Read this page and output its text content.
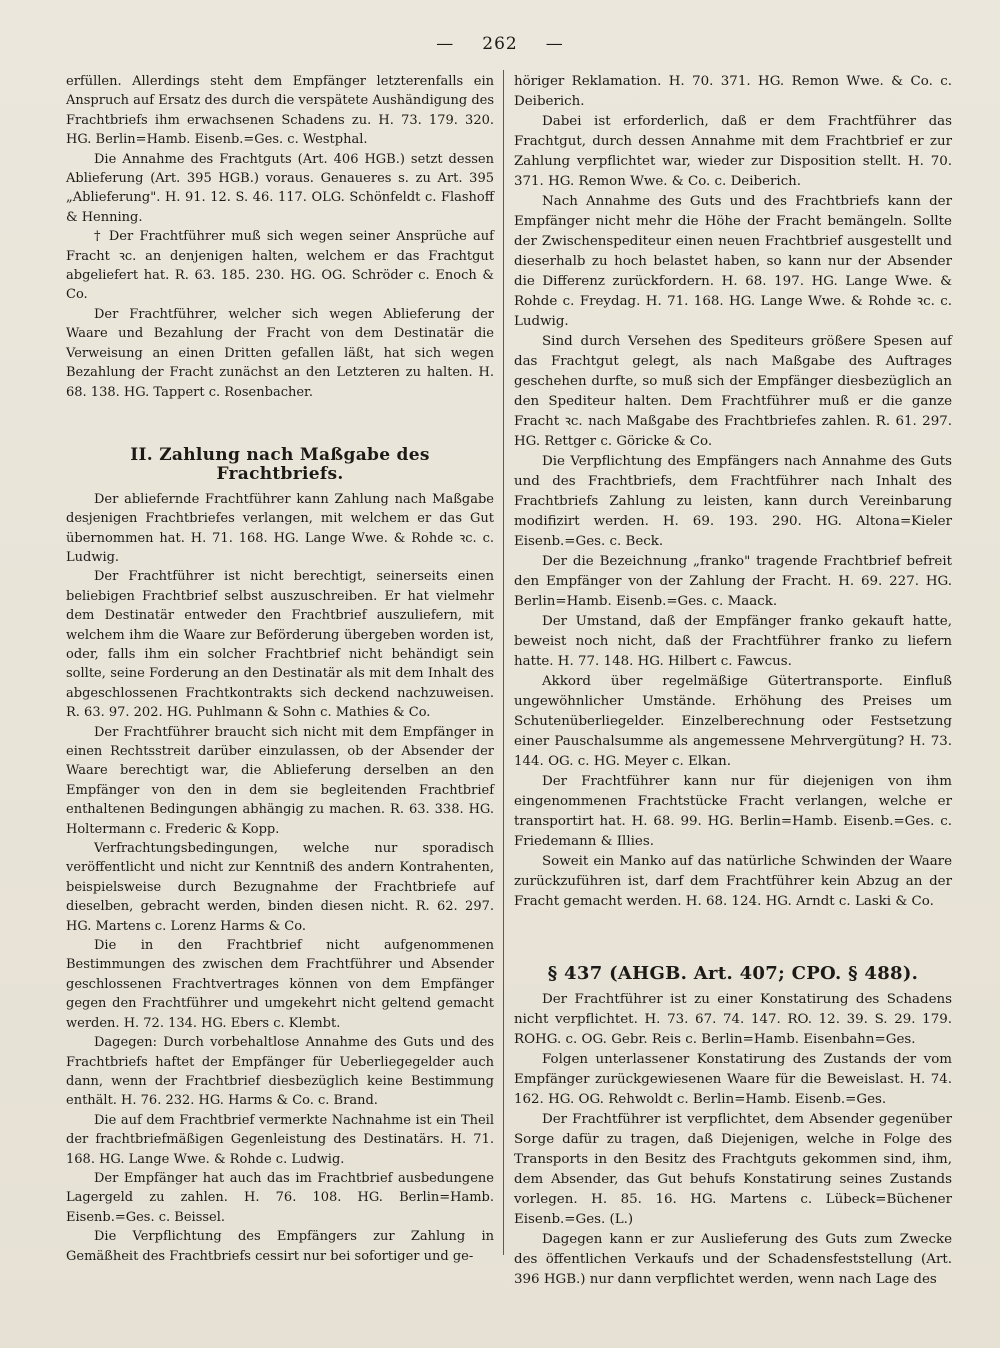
— 262 —

erfüllen. Allerdings steht dem Empfänger letzterenfalls ein Anspruch auf Ersatz des durch die verspätete Aushändigung des Frachtbriefs ihm erwachsenen Schadens zu. H. 73. 179. 320. HG. Berlin=Hamb. Eisenb.=Ges. c. Westphal.

Die Annahme des Frachtguts (Art. 406 HGB.) setzt dessen Ablieferung (Art. 395 HGB.) voraus. Genaueres s. zu Art. 395 „Ablieferung". H. 91. 12. S. 46. 117. OLG. Schönfeldt c. Flashoff & Henning.

† Der Frachtführer muß sich wegen seiner Ansprüche auf Fracht ꝛc. an denjenigen halten, welchem er das Frachtgut abgeliefert hat. R. 63. 185. 230. HG. OG. Schröder c. Enoch & Co.

Der Frachtführer, welcher sich wegen Ablieferung der Waare und Bezahlung der Fracht von dem Destinatär die Verweisung an einen Dritten gefallen läßt, hat sich wegen Bezahlung der Fracht zunächst an den Letzteren zu halten. H. 68. 138. HG. Tappert c. Rosenbacher.

II. Zahlung nach Maßgabe des Frachtbriefs.

Der abliefernde Frachtführer kann Zahlung nach Maßgabe desjenigen Frachtbriefes verlangen, mit welchem er das Gut übernommen hat. H. 71. 168. HG. Lange Wwe. & Rohde ꝛc. c. Ludwig.

Der Frachtführer ist nicht berechtigt, seinerseits einen beliebigen Frachtbrief selbst auszuschreiben. Er hat vielmehr dem Destinatär entweder den Frachtbrief auszuliefern, mit welchem ihm die Waare zur Beförderung übergeben worden ist, oder, falls ihm ein solcher Frachtbrief nicht behändigt sein sollte, seine Forderung an den Destinatär als mit dem Inhalt des abgeschlossenen Frachtkontrakts sich deckend nachzuweisen. R. 63. 97. 202. HG. Puhlmann & Sohn c. Mathies & Co.

Der Frachtführer braucht sich nicht mit dem Empfänger in einen Rechtsstreit darüber einzulassen, ob der Absender der Waare berechtigt war, die Ablieferung derselben an den Empfänger von den in dem sie begleitenden Frachtbrief enthaltenen Bedingungen abhängig zu machen. R. 63. 338. HG. Holtermann c. Frederic & Kopp.

Verfrachtungsbedingungen, welche nur sporadisch veröffentlicht und nicht zur Kenntniß des andern Kontrahenten, beispielsweise durch Bezugnahme der Frachtbriefe auf dieselben, gebracht werden, binden diesen nicht. R. 62. 297. HG. Martens c. Lorenz Harms & Co.

Die in den Frachtbrief nicht aufgenommenen Bestimmungen des zwischen dem Frachtführer und Absender geschlossenen Frachtvertrages können von dem Empfänger gegen den Frachtführer und umgekehrt nicht geltend gemacht werden. H. 72. 134. HG. Ebers c. Klembt.

Dagegen: Durch vorbehaltlose Annahme des Guts und des Frachtbriefs haftet der Empfänger für Ueberliegegelder auch dann, wenn der Frachtbrief diesbezüglich keine Bestimmung enthält. H. 76. 232. HG. Harms & Co. c. Brand.

Die auf dem Frachtbrief vermerkte Nachnahme ist ein Theil der frachtbriefmäßigen Gegenleistung des Destinatärs. H. 71. 168. HG. Lange Wwe. & Rohde c. Ludwig.

Der Empfänger hat auch das im Frachtbrief ausbedungene Lagergeld zu zahlen. H. 76. 108. HG. Berlin=Hamb. Eisenb.=Ges. c. Beissel.

Die Verpflichtung des Empfängers zur Zahlung in Gemäßheit des Frachtbriefs cessirt nur bei sofortiger und ge-

höriger Reklamation. H. 70. 371. HG. Remon Wwe. & Co. c. Deiberich.

Dabei ist erforderlich, daß er dem Frachtführer das Frachtgut, durch dessen Annahme mit dem Frachtbrief er zur Zahlung verpflichtet war, wieder zur Disposition stellt. H. 70. 371. HG. Remon Wwe. & Co. c. Deiberich.

Nach Annahme des Guts und des Frachtbriefs kann der Empfänger nicht mehr die Höhe der Fracht bemängeln. Sollte der Zwischenspediteur einen neuen Frachtbrief ausgestellt und dieserhalb zu hoch belastet haben, so kann nur der Absender die Differenz zurückfordern. H. 68. 197. HG. Lange Wwe. & Rohde c. Freydag. H. 71. 168. HG. Lange Wwe. & Rohde ꝛc. c. Ludwig.

Sind durch Versehen des Spediteurs größere Spesen auf das Frachtgut gelegt, als nach Maßgabe des Auftrages geschehen durfte, so muß sich der Empfänger diesbezüglich an den Spediteur halten. Dem Frachtführer muß er die ganze Fracht ꝛc. nach Maßgabe des Frachtbriefes zahlen. R. 61. 297. HG. Rettger c. Göricke & Co.

Die Verpflichtung des Empfängers nach Annahme des Guts und des Frachtbriefs, dem Frachtführer nach Inhalt des Frachtbriefs Zahlung zu leisten, kann durch Vereinbarung modifizirt werden. H. 69. 193. 290. HG. Altona=Kieler Eisenb.=Ges. c. Beck.

Der die Bezeichnung „franko" tragende Frachtbrief befreit den Empfänger von der Zahlung der Fracht. H. 69. 227. HG. Berlin=Hamb. Eisenb.=Ges. c. Maack.

Der Umstand, daß der Empfänger franko gekauft hatte, beweist noch nicht, daß der Frachtführer franko zu liefern hatte. H. 77. 148. HG. Hilbert c. Fawcus.

Akkord über regelmäßige Gütertransporte. Einfluß ungewöhnlicher Umstände. Erhöhung des Preises um Schutenüberliegelder. Einzelberechnung oder Festsetzung einer Pauschalsumme als angemessene Mehrvergütung? H. 73. 144. OG. c. HG. Meyer c. Elkan.

Der Frachtführer kann nur für diejenigen von ihm eingenommenen Frachtstücke Fracht verlangen, welche er transportirt hat. H. 68. 99. HG. Berlin=Hamb. Eisenb.=Ges. c. Friedemann & Illies.

Soweit ein Manko auf das natürliche Schwinden der Waare zurückzuführen ist, darf dem Frachtführer kein Abzug an der Fracht gemacht werden. H. 68. 124. HG. Arndt c. Laski & Co.

§ 437 (AHGB. Art. 407; CPO. § 488).

Der Frachtführer ist zu einer Konstatirung des Schadens nicht verpflichtet. H. 73. 67. 74. 147. RO. 12. 39. S. 29. 179. ROHG. c. OG. Gebr. Reis c. Berlin=Hamb. Eisenbahn=Ges.

Folgen unterlassener Konstatirung des Zustands der vom Empfänger zurückgewiesenen Waare für die Beweislast. H. 74. 162. HG. OG. Rehwoldt c. Berlin=Hamb. Eisenb.=Ges.

Der Frachtführer ist verpflichtet, dem Absender gegenüber Sorge dafür zu tragen, daß Diejenigen, welche in Folge des Transports in den Besitz des Frachtguts gekommen sind, ihm, dem Absender, das Gut behufs Konstatirung seines Zustands vorlegen. H. 85. 16. HG. Martens c. Lübeck=Büchener Eisenb.=Ges. (L.)

Dagegen kann er zur Auslieferung des Guts zum Zwecke des öffentlichen Verkaufs und der Schadensfeststellung (Art. 396 HGB.) nur dann verpflichtet werden, wenn nach Lage des
